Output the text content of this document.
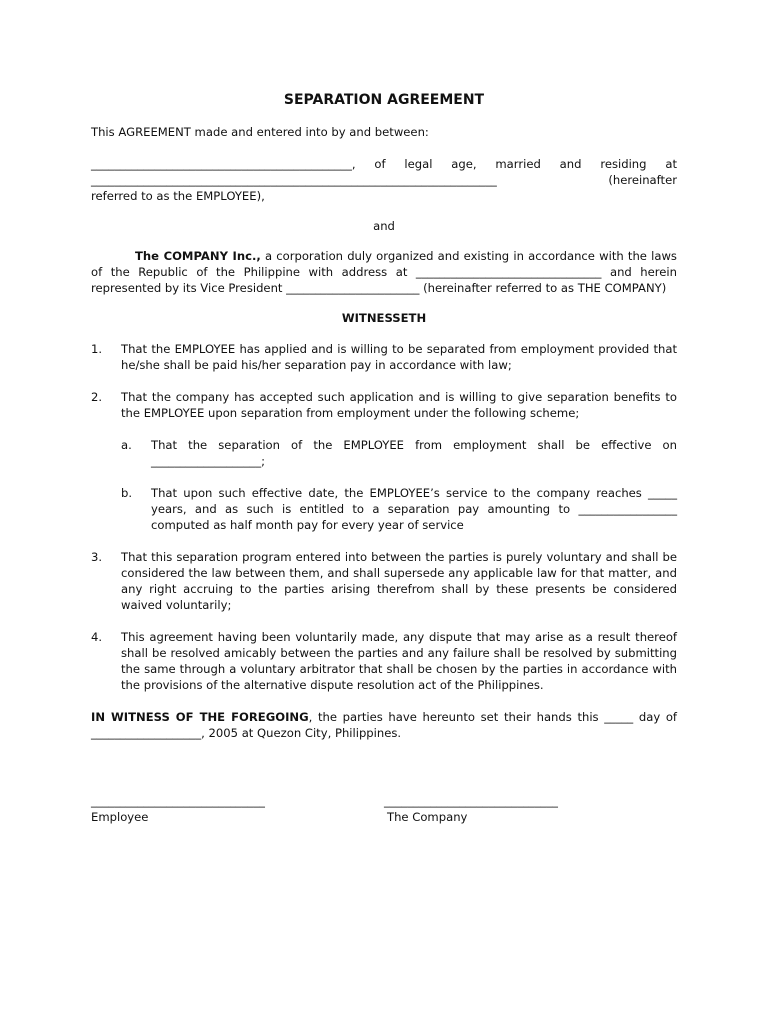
SEPARATION AGREEMENT
This AGREEMENT made and entered into by and between:
_____________________________________________, of legal age, married and residing at
______________________________________________________________________ (hereinafter
referred to as the EMPLOYEE),
and
The COMPANY Inc., a corporation duly organized and existing in accordance with the laws of the Republic of the Philippine with address at ________________________________ and herein represented by its Vice President _______________________ (hereinafter referred to as THE COMPANY)
WITNESSETH
1.	That the EMPLOYEE has applied and is willing to be separated from employment provided that he/she shall be paid his/her separation pay in accordance with law;
2.	That the company has accepted such application and is willing to give separation benefits to the EMPLOYEE upon separation from employment under the following scheme;
a.	That the separation of the EMPLOYEE from employment shall be effective on ___________________;
b.	That upon such effective date, the EMPLOYEE’s service to the company reaches _____ years, and as such is entitled to a separation pay amounting to _________________ computed as half month pay for every year of service
3.	That this separation program entered into between the parties is purely voluntary and shall be considered the law between them, and shall supersede any applicable law for that matter, and any right accruing to the parties arising therefrom shall by these presents be considered waived voluntarily;
4.	This agreement having been voluntarily made, any dispute that may arise as a result thereof shall be resolved amicably between the parties and any failure shall be resolved by submitting the same through a voluntary arbitrator that shall be chosen by the parties in accordance with the provisions of the alternative dispute resolution act of the Philippines.
IN WITNESS OF THE FOREGOING, the parties have hereunto set their hands this _____ day of ___________________, 2005 at Quezon City, Philippines.
______________________________
Employee
______________________________
The Company
